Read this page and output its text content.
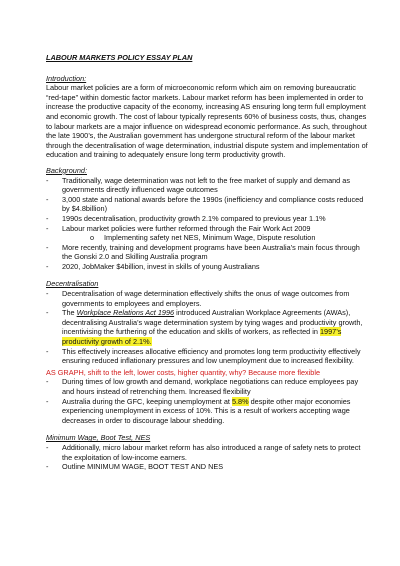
LABOUR MARKETS POLICY ESSAY PLAN

Introduction:

Labour market policies are a form of microeconomic reform which aim on removing bureaucratic “red-tape” within domestic factor markets. Labour market reform has been implemented in order to increase the productive capacity of the economy, increasing AS ensuring long term full employment and economic growth. The cost of labour typically represents 60% of business costs, thus, changes to labour markets are a major influence on widespread economic performance. As such, throughout the late 1900’s, the Australian government has undergone structural reform of the labour market through the decentralisation of wage determination, industrial dispute system and implementation of education and training to adequately ensure long term productivity growth.

Background:

- Traditionally, wage determination was not left to the free market of supply and demand as governments directly influenced wage outcomes
- 3,000 state and national awards before the 1990s (inefficiency and compliance costs reduced by $4.8billion)
- 1990s decentralisation, productivity growth 2.1% compared to previous year 1.1%
- Labour market policies were further reformed through the Fair Work Act 2009
o Implementing safety net NES, Minimum Wage, Dispute resolution
- More recently, training and development programs have been Australia’s main focus through the Gonski 2.0 and Skilling Australia program
- 2020, JobMaker $4billion, invest in skills of young Australians

Decentralisation

- Decentralisation of wage determination effectively shifts the onus of wage outcomes from governments to employees and employers.
- The Workplace Relations Act 1996 introduced Australian Workplace Agreements (AWAs), decentralising Australia’s wage determination system by tying wages and productivity growth, incentivising the furthering of the education and skills of workers, as reflected in 1997’s productivity growth of 2.1%.
- This effectively increases allocative efficiency and promotes long term productivity effectively ensuring reduced inflationary pressures and low unemployment due to increased flexibility.

AS GRAPH, shift to the left, lower costs, higher quantity, why? Because more flexible

- During times of low growth and demand, workplace negotiations can reduce employees pay and hours instead of retrenching them. Increased flexibility
- Australia during the GFC, keeping unemployment at 5.8% despite other major economies experiencing unemployment in excess of 10%. This is a result of workers accepting wage decreases in order to discourage labour shedding.

Minimum Wage, Boot Test, NES

- Additionally, micro labour market reform has also introduced a range of safety nets to protect the exploitation of low-income earners.
- Outline MINIMUM WAGE, BOOT TEST AND NES
